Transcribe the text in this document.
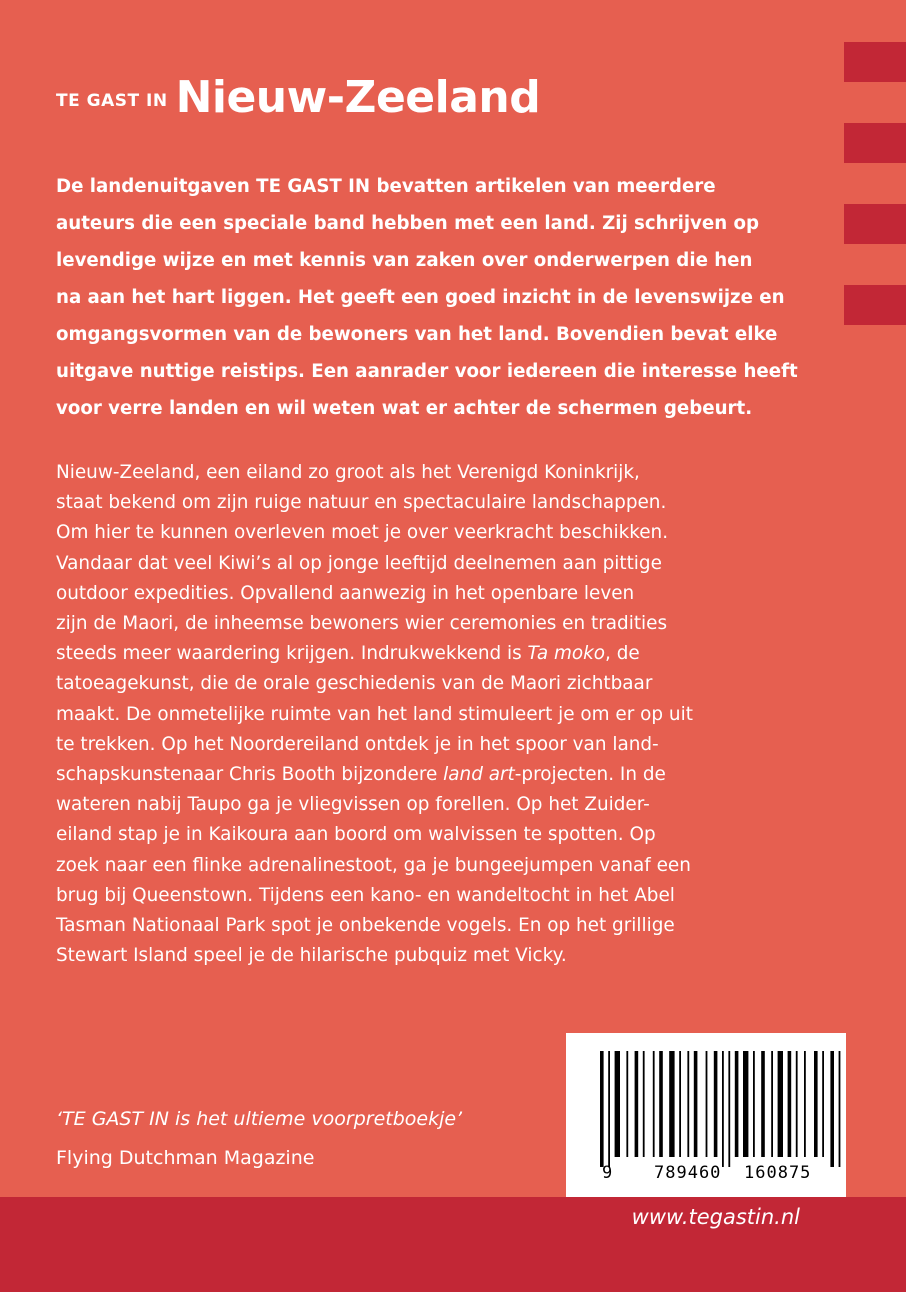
TE GAST IN Nieuw-Zeeland
De landenuitgaven TE GAST IN bevatten artikelen van meerdere
auteurs die een speciale band hebben met een land. Zij schrijven op
levendige wijze en met kennis van zaken over onderwerpen die hen
na aan het hart liggen. Het geeft een goed inzicht in de levenswijze en
omgangsvormen van de bewoners van het land. Bovendien bevat elke
uitgave nuttige reistips. Een aanrader voor iedereen die interesse heeft
voor verre landen en wil weten wat er achter de schermen gebeurt.
Nieuw-Zeeland, een eiland zo groot als het Verenigd Koninkrijk,
staat bekend om zijn ruige natuur en spectaculaire landschappen.
Om hier te kunnen overleven moet je over veerkracht beschikken.
Vandaar dat veel Kiwi’s al op jonge leeftijd deelnemen aan pittige
outdoor expedities. Opvallend aanwezig in het openbare leven
zijn de Maori, de inheemse bewoners wier ceremonies en tradities
steeds meer waardering krijgen. Indrukwekkend is Ta moko, de
tatoeagekunst, die de orale geschiedenis van de Maori zichtbaar
maakt. De onmetelijke ruimte van het land stimuleert je om er op uit
te trekken. Op het Noordereiland ontdek je in het spoor van land-
schapskunstenaar Chris Booth bijzondere land art-projecten. In de
wateren nabij Taupo ga je vliegvissen op forellen. Op het Zuider-
eiland stap je in Kaikoura aan boord om walvissen te spotten. Op
zoek naar een flinke adrenalinestoot, ga je bungeejumpen vanaf een
brug bij Queenstown. Tijdens een kano- en wandeltocht in het Abel
Tasman Nationaal Park spot je onbekende vogels. En op het grillige
Stewart Island speel je de hilarische pubquiz met Vicky.
9 789460 160875
‘TE GAST IN is het ultieme voorpretboekje’
Flying Dutchman Magazine
www.tegastin.nl
